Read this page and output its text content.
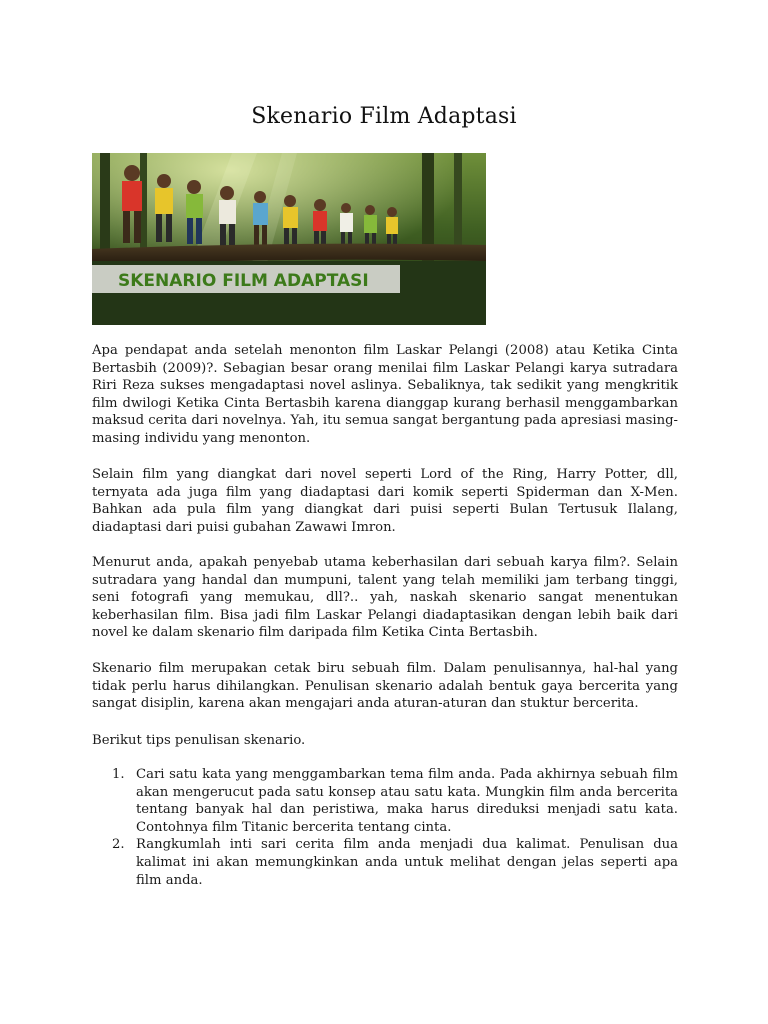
Skenario Film Adaptasi
SKENARIO FILM ADAPTASI

Apa pendapat anda setelah menonton film Laskar Pelangi (2008) atau Ketika Cinta Bertasbih (2009)?. Sebagian besar orang menilai film Laskar Pelangi karya sutradara Riri Reza sukses mengadaptasi novel aslinya. Sebaliknya, tak sedikit yang mengkritik film dwilogi Ketika Cinta Bertasbih karena dianggap kurang berhasil menggambarkan maksud cerita dari novelnya. Yah, itu semua sangat bergantung pada apresiasi masing-masing individu yang menonton.

Selain film yang diangkat dari novel seperti Lord of the Ring, Harry Potter, dll, ternyata ada juga film yang diadaptasi dari komik seperti Spiderman dan X-Men. Bahkan ada pula film yang diangkat dari puisi seperti Bulan Tertusuk Ilalang, diadaptasi dari puisi gubahan Zawawi Imron.

Menurut anda, apakah penyebab utama keberhasilan dari sebuah karya film?. Selain sutradara yang handal dan mumpuni, talent yang telah memiliki jam terbang tinggi, seni fotografi yang memukau, dll?.. yah, naskah skenario sangat menentukan keberhasilan film. Bisa jadi film Laskar Pelangi diadaptasikan dengan lebih baik dari novel ke dalam skenario film daripada film Ketika Cinta Bertasbih.

Skenario film merupakan cetak biru sebuah film. Dalam penulisannya, hal-hal yang tidak perlu harus dihilangkan. Penulisan skenario adalah bentuk gaya bercerita yang sangat disiplin, karena akan mengajari anda aturan-aturan dan stuktur bercerita.

Berikut tips penulisan skenario.

1. Cari satu kata yang menggambarkan tema film anda. Pada akhirnya sebuah film akan mengerucut pada satu konsep atau satu kata. Mungkin film anda bercerita tentang banyak hal dan peristiwa, maka harus direduksi menjadi satu kata. Contohnya film Titanic bercerita tentang cinta.
2. Rangkumlah inti sari cerita film anda menjadi dua kalimat. Penulisan dua kalimat ini akan memungkinkan anda untuk melihat dengan jelas seperti apa film anda.
